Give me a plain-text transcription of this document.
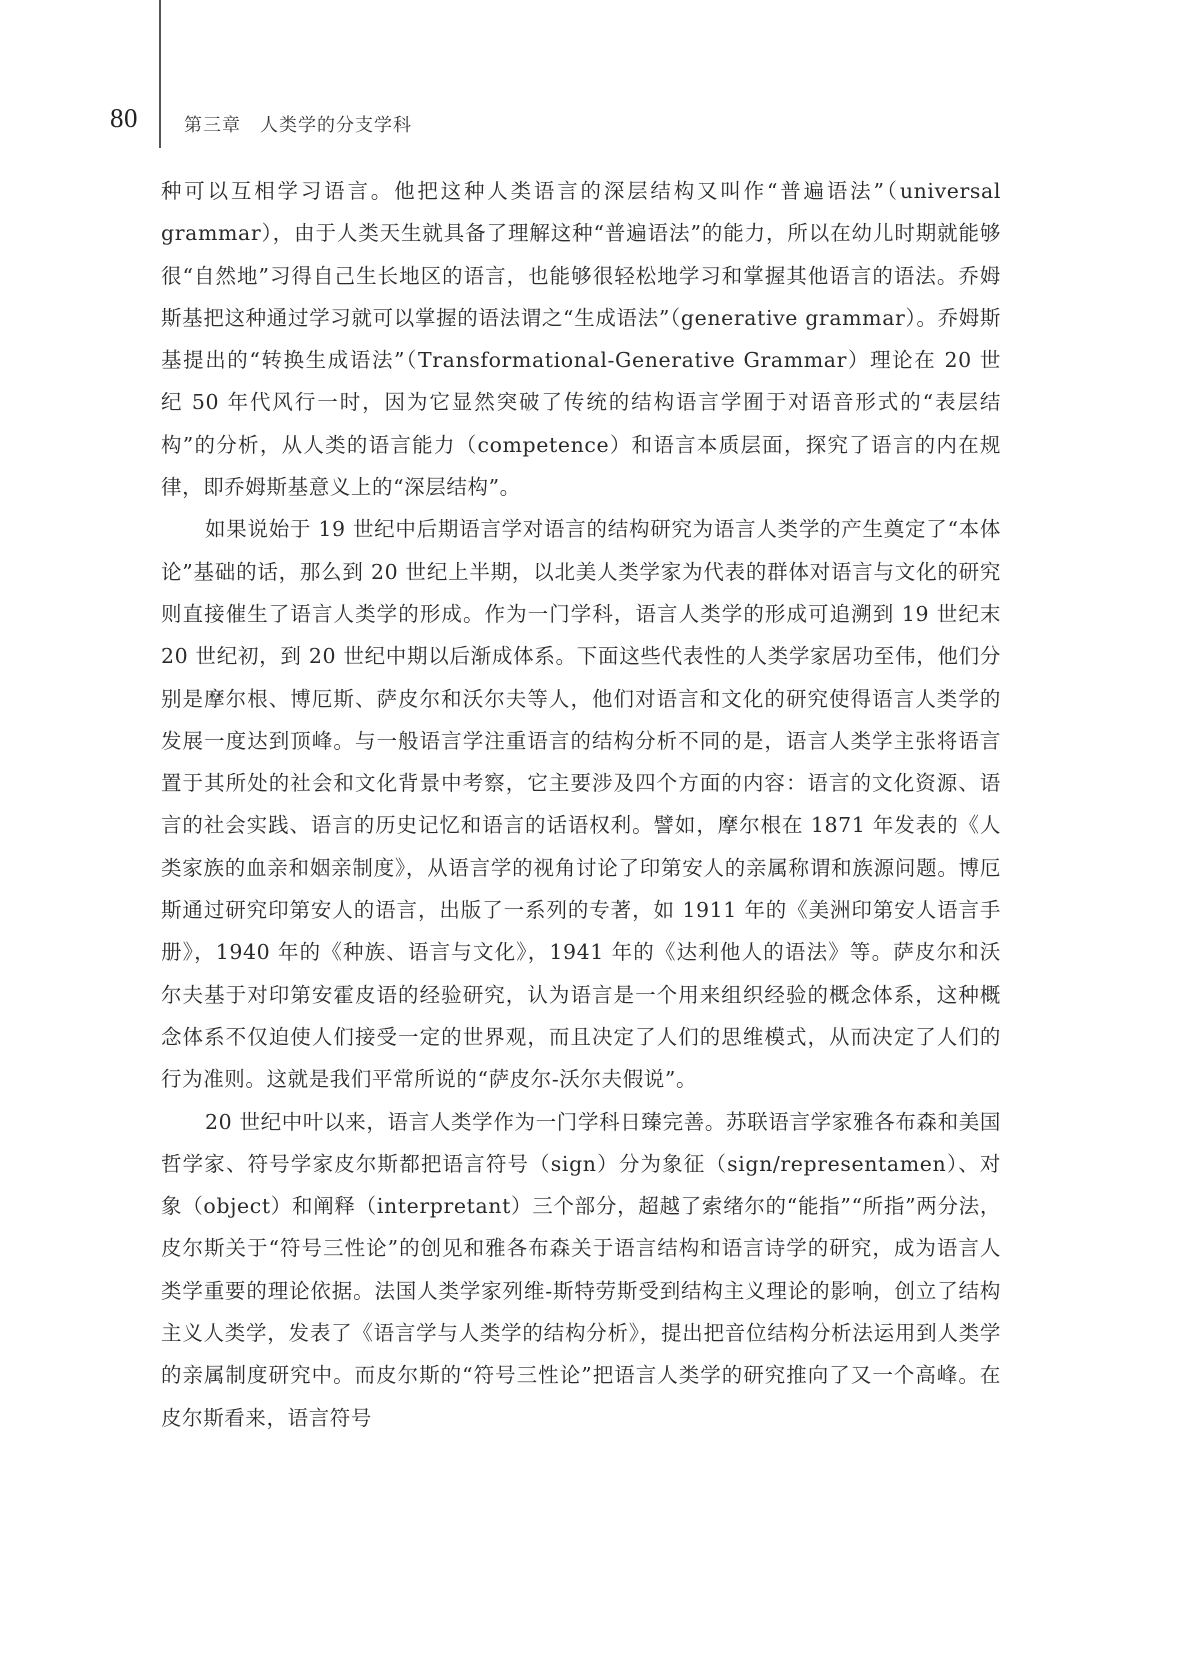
80	第三章　人类学的分支学科

种可以互相学习语言。他把这种人类语言的深层结构又叫作“普遍语法”（universal grammar），由于人类天生就具备了理解这种“普遍语法”的能力，所以在幼儿时期就能够很“自然地”习得自己生长地区的语言，也能够很轻松地学习和掌握其他语言的语法。乔姆斯基把这种通过学习就可以掌握的语法谓之“生成语法”（generative grammar）。乔姆斯基提出的“转换生成语法”（Transformational-Generative Grammar）理论在 20 世纪 50 年代风行一时，因为它显然突破了传统的结构语言学囿于对语音形式的“表层结构”的分析，从人类的语言能力（competence）和语言本质层面，探究了语言的内在规律，即乔姆斯基意义上的“深层结构”。

如果说始于 19 世纪中后期语言学对语言的结构研究为语言人类学的产生奠定了“本体论”基础的话，那么到 20 世纪上半期，以北美人类学家为代表的群体对语言与文化的研究则直接催生了语言人类学的形成。作为一门学科，语言人类学的形成可追溯到 19 世纪末 20 世纪初，到 20 世纪中期以后渐成体系。下面这些代表性的人类学家居功至伟，他们分别是摩尔根、博厄斯、萨皮尔和沃尔夫等人，他们对语言和文化的研究使得语言人类学的发展一度达到顶峰。与一般语言学注重语言的结构分析不同的是，语言人类学主张将语言置于其所处的社会和文化背景中考察，它主要涉及四个方面的内容：语言的文化资源、语言的社会实践、语言的历史记忆和语言的话语权利。譬如，摩尔根在 1871 年发表的《人类家族的血亲和姻亲制度》，从语言学的视角讨论了印第安人的亲属称谓和族源问题。博厄斯通过研究印第安人的语言，出版了一系列的专著，如 1911 年的《美洲印第安人语言手册》，1940 年的《种族、语言与文化》，1941 年的《达利他人的语法》等。萨皮尔和沃尔夫基于对印第安霍皮语的经验研究，认为语言是一个用来组织经验的概念体系，这种概念体系不仅迫使人们接受一定的世界观，而且决定了人们的思维模式，从而决定了人们的行为准则。这就是我们平常所说的“萨皮尔-沃尔夫假说”。

20 世纪中叶以来，语言人类学作为一门学科日臻完善。苏联语言学家雅各布森和美国哲学家、符号学家皮尔斯都把语言符号（sign）分为象征（sign/representamen）、对象（object）和阐释（interpretant）三个部分，超越了索绪尔的“能指”“所指”两分法，皮尔斯关于“符号三性论”的创见和雅各布森关于语言结构和语言诗学的研究，成为语言人类学重要的理论依据。法国人类学家列维-斯特劳斯受到结构主义理论的影响，创立了结构主义人类学，发表了《语言学与人类学的结构分析》，提出把音位结构分析法运用到人类学的亲属制度研究中。而皮尔斯的“符号三性论”把语言人类学的研究推向了又一个高峰。在皮尔斯看来，语言符号
